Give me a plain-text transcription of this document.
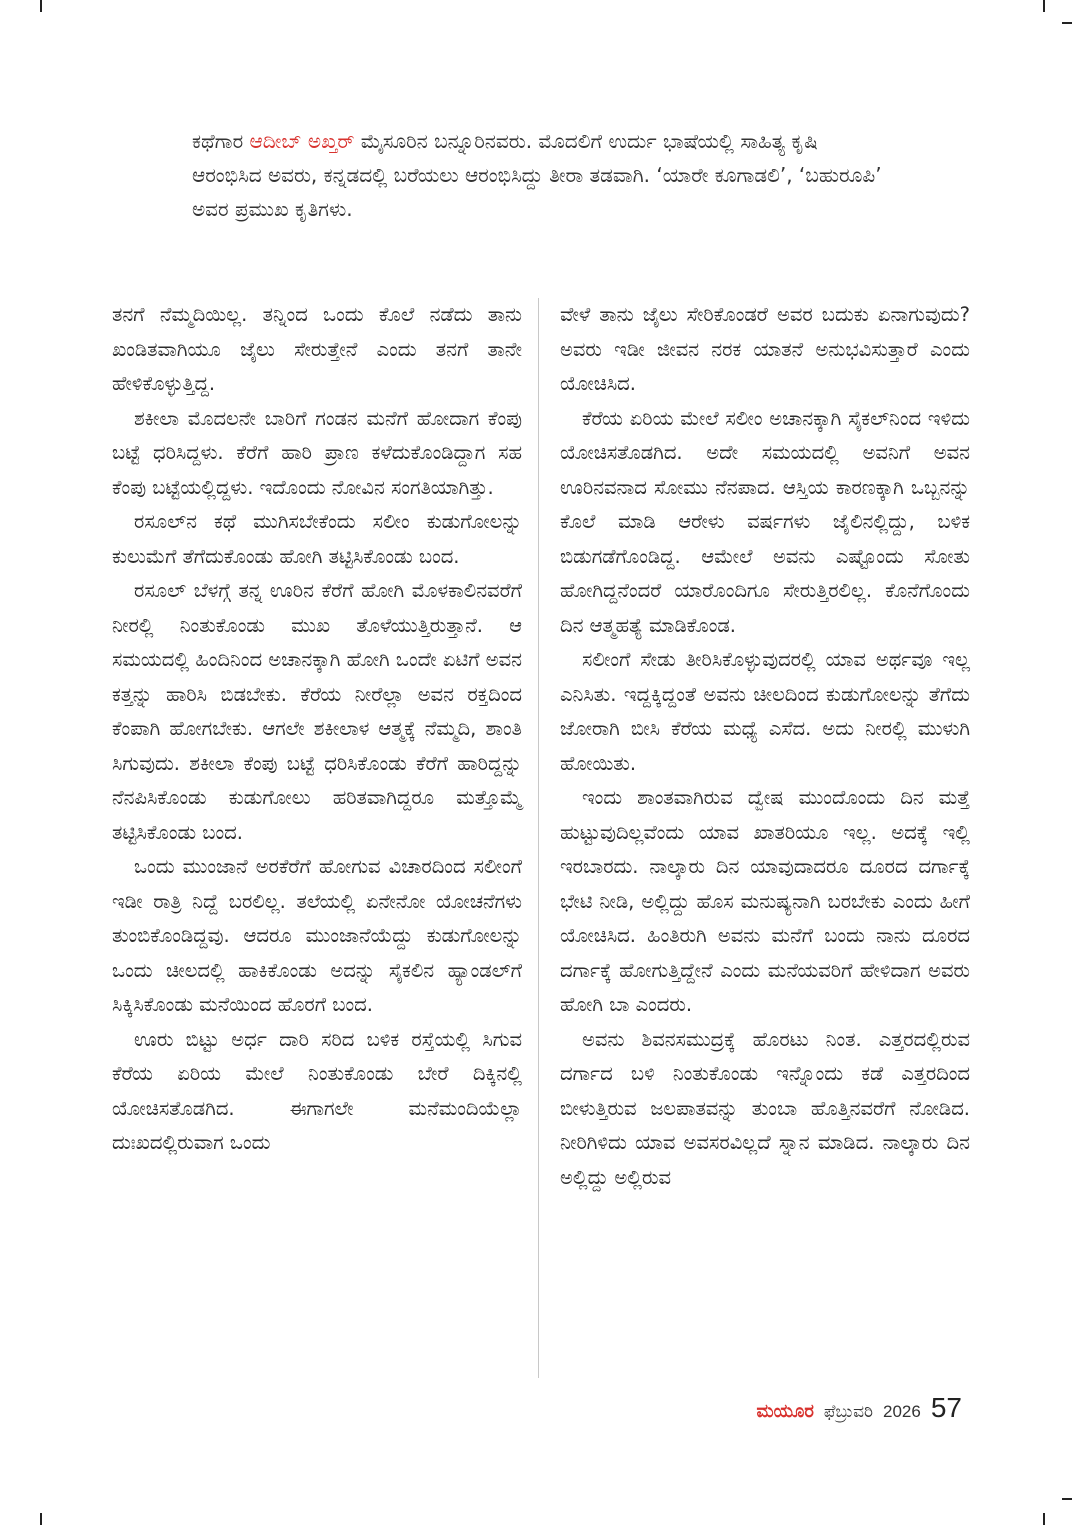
ಕಥೆಗಾರ ಆದೀಬ್ ಅಖ್ತರ್ ಮೈಸೂರಿನ ಬನ್ನೂರಿನವರು. ಮೊದಲಿಗೆ ಉರ್ದು ಭಾಷೆಯಲ್ಲಿ ಸಾಹಿತ್ಯ ಕೃಷಿ ಆರಂಭಿಸಿದ ಅವರು, ಕನ್ನಡದಲ್ಲಿ ಬರೆಯಲು ಆರಂಭಿಸಿದ್ದು ತೀರಾ ತಡವಾಗಿ. ‘ಯಾರೇ ಕೂಗಾಡಲಿ’, ‘ಬಹುರೂಪಿ’ ಅವರ ಪ್ರಮುಖ ಕೃತಿಗಳು.

ತನಗೆ ನೆಮ್ಮದಿಯಿಲ್ಲ. ತನ್ನಿಂದ ಒಂದು ಕೊಲೆ ನಡೆದು ತಾನು ಖಂಡಿತವಾಗಿಯೂ ಜೈಲು ಸೇರುತ್ತೇನೆ ಎಂದು ತನಗೆ ತಾನೇ ಹೇಳಿಕೊಳ್ಳುತ್ತಿದ್ದ.

ಶಕೀಲಾ ಮೊದಲನೇ ಬಾರಿಗೆ ಗಂಡನ ಮನೆಗೆ ಹೋದಾಗ ಕೆಂಪು ಬಟ್ಟೆ ಧರಿಸಿದ್ದಳು. ಕೆರೆಗೆ ಹಾರಿ ಪ್ರಾಣ ಕಳೆದುಕೊಂಡಿದ್ದಾಗ ಸಹ ಕೆಂಪು ಬಟ್ಟೆಯಲ್ಲಿದ್ದಳು. ಇದೊಂದು ನೋವಿನ ಸಂಗತಿಯಾಗಿತ್ತು.

ರಸೂಲ್‌ನ ಕಥೆ ಮುಗಿಸಬೇಕೆಂದು ಸಲೀಂ ಕುಡುಗೋಲನ್ನು ಕುಲುಮೆಗೆ ತೆಗೆದುಕೊಂಡು ಹೋಗಿ ತಟ್ಟಿಸಿಕೊಂಡು ಬಂದ.

ರಸೂಲ್ ಬೆಳಗ್ಗೆ ತನ್ನ ಊರಿನ ಕೆರೆಗೆ ಹೋಗಿ ಮೊಳಕಾಲಿನವರೆಗೆ ನೀರಲ್ಲಿ ನಿಂತುಕೊಂಡು ಮುಖ ತೊಳೆಯುತ್ತಿರುತ್ತಾನೆ. ಆ ಸಮಯದಲ್ಲಿ ಹಿಂದಿನಿಂದ ಅಚಾನಕ್ಕಾಗಿ ಹೋಗಿ ಒಂದೇ ಏಟಿಗೆ ಅವನ ಕತ್ತನ್ನು ಹಾರಿಸಿ ಬಿಡಬೇಕು. ಕೆರೆಯ ನೀರೆಲ್ಲಾ ಅವನ ರಕ್ತದಿಂದ ಕೆಂಪಾಗಿ ಹೋಗಬೇಕು. ಆಗಲೇ ಶಕೀಲಾಳ ಆತ್ಮಕ್ಕೆ ನೆಮ್ಮದಿ, ಶಾಂತಿ ಸಿಗುವುದು. ಶಕೀಲಾ ಕೆಂಪು ಬಟ್ಟೆ ಧರಿಸಿಕೊಂಡು ಕೆರೆಗೆ ಹಾರಿದ್ದನ್ನು ನೆನಪಿಸಿಕೊಂಡು ಕುಡುಗೋಲು ಹರಿತವಾಗಿದ್ದರೂ ಮತ್ತೊಮ್ಮೆ ತಟ್ಟಿಸಿಕೊಂಡು ಬಂದ.

ಒಂದು ಮುಂಜಾನೆ ಅರಕೆರೆಗೆ ಹೋಗುವ ವಿಚಾರದಿಂದ ಸಲೀಂಗೆ ಇಡೀ ರಾತ್ರಿ ನಿದ್ದೆ ಬರಲಿಲ್ಲ. ತಲೆಯಲ್ಲಿ ಏನೇನೋ ಯೋಚನೆಗಳು ತುಂಬಿಕೊಂಡಿದ್ದವು. ಆದರೂ ಮುಂಜಾನೆಯೆದ್ದು ಕುಡುಗೋಲನ್ನು ಒಂದು ಚೀಲದಲ್ಲಿ ಹಾಕಿಕೊಂಡು ಅದನ್ನು ಸೈಕಲಿನ ಹ್ಯಾಂಡಲ್‌ಗೆ ಸಿಕ್ಕಿಸಿಕೊಂಡು ಮನೆಯಿಂದ ಹೊರಗೆ ಬಂದ.

ಊರು ಬಿಟ್ಟು ಅರ್ಧ ದಾರಿ ಸರಿದ ಬಳಿಕ ರಸ್ತೆಯಲ್ಲಿ ಸಿಗುವ ಕೆರೆಯ ಏರಿಯ ಮೇಲೆ ನಿಂತುಕೊಂಡು ಬೇರೆ ದಿಕ್ಕಿನಲ್ಲಿ ಯೋಚಿಸತೊಡಗಿದ. ಈಗಾಗಲೇ ಮನೆಮಂದಿಯೆಲ್ಲಾ ದುಃಖದಲ್ಲಿರುವಾಗ ಒಂದು

ವೇಳೆ ತಾನು ಜೈಲು ಸೇರಿಕೊಂಡರೆ ಅವರ ಬದುಕು ಏನಾಗುವುದು? ಅವರು ಇಡೀ ಜೀವನ ನರಕ ಯಾತನೆ ಅನುಭವಿಸುತ್ತಾರೆ ಎಂದು ಯೋಚಿಸಿದ.

ಕೆರೆಯ ಏರಿಯ ಮೇಲೆ ಸಲೀಂ ಅಚಾನಕ್ಕಾಗಿ ಸೈಕಲ್‌ನಿಂದ ಇಳಿದು ಯೋಚಿಸತೊಡಗಿದ. ಅದೇ ಸಮಯದಲ್ಲಿ ಅವನಿಗೆ ಅವನ ಊರಿನವನಾದ ಸೋಮು ನೆನಪಾದ. ಆಸ್ತಿಯ ಕಾರಣಕ್ಕಾಗಿ ಒಬ್ಬನನ್ನು ಕೊಲೆ ಮಾಡಿ ಆರೇಳು ವರ್ಷಗಳು ಜೈಲಿನಲ್ಲಿದ್ದು, ಬಳಿಕ ಬಿಡುಗಡೆಗೊಂಡಿದ್ದ. ಆಮೇಲೆ ಅವನು ಎಷ್ಟೊಂದು ಸೋತು ಹೋಗಿದ್ದನೆಂದರೆ ಯಾರೊಂದಿಗೂ ಸೇರುತ್ತಿರಲಿಲ್ಲ. ಕೊನೆಗೊಂದು ದಿನ ಆತ್ಮಹತ್ಯೆ ಮಾಡಿಕೊಂಡ.

ಸಲೀಂಗೆ ಸೇಡು ತೀರಿಸಿಕೊಳ್ಳುವುದರಲ್ಲಿ ಯಾವ ಅರ್ಥವೂ ಇಲ್ಲ ಎನಿಸಿತು. ಇದ್ದಕ್ಕಿದ್ದಂತೆ ಅವನು ಚೀಲದಿಂದ ಕುಡುಗೋಲನ್ನು ತೆಗೆದು ಜೋರಾಗಿ ಬೀಸಿ ಕೆರೆಯ ಮಧ್ಯೆ ಎಸೆದ. ಅದು ನೀರಲ್ಲಿ ಮುಳುಗಿ ಹೋಯಿತು.

ಇಂದು ಶಾಂತವಾಗಿರುವ ದ್ವೇಷ ಮುಂದೊಂದು ದಿನ ಮತ್ತೆ ಹುಟ್ಟುವುದಿಲ್ಲವೆಂದು ಯಾವ ಖಾತರಿಯೂ ಇಲ್ಲ. ಅದಕ್ಕೆ ಇಲ್ಲಿ ಇರಬಾರದು. ನಾಲ್ಕಾರು ದಿನ ಯಾವುದಾದರೂ ದೂರದ ದರ್ಗಾಕ್ಕೆ ಭೇಟಿ ನೀಡಿ, ಅಲ್ಲಿದ್ದು ಹೊಸ ಮನುಷ್ಯನಾಗಿ ಬರಬೇಕು ಎಂದು ಹೀಗೆ ಯೋಚಿಸಿದ. ಹಿಂತಿರುಗಿ ಅವನು ಮನೆಗೆ ಬಂದು ನಾನು ದೂರದ ದರ್ಗಾಕ್ಕೆ ಹೋಗುತ್ತಿದ್ದೇನೆ ಎಂದು ಮನೆಯವರಿಗೆ ಹೇಳಿದಾಗ ಅವರು ಹೋಗಿ ಬಾ ಎಂದರು.

ಅವನು ಶಿವನಸಮುದ್ರಕ್ಕೆ ಹೊರಟು ನಿಂತ. ಎತ್ತರದಲ್ಲಿರುವ ದರ್ಗಾದ ಬಳಿ ನಿಂತುಕೊಂಡು ಇನ್ನೊಂದು ಕಡೆ ಎತ್ತರದಿಂದ ಬೀಳುತ್ತಿರುವ ಜಲಪಾತವನ್ನು ತುಂಬಾ ಹೊತ್ತಿನವರೆಗೆ ನೋಡಿದ. ನೀರಿಗಿಳಿದು ಯಾವ ಅವಸರವಿಲ್ಲದೆ ಸ್ನಾನ ಮಾಡಿದ. ನಾಲ್ಕಾರು ದಿನ ಅಲ್ಲಿದ್ದು ಅಲ್ಲಿರುವ

ಮಯೂರ ಫೆಬ್ರುವರಿ 2026 57
